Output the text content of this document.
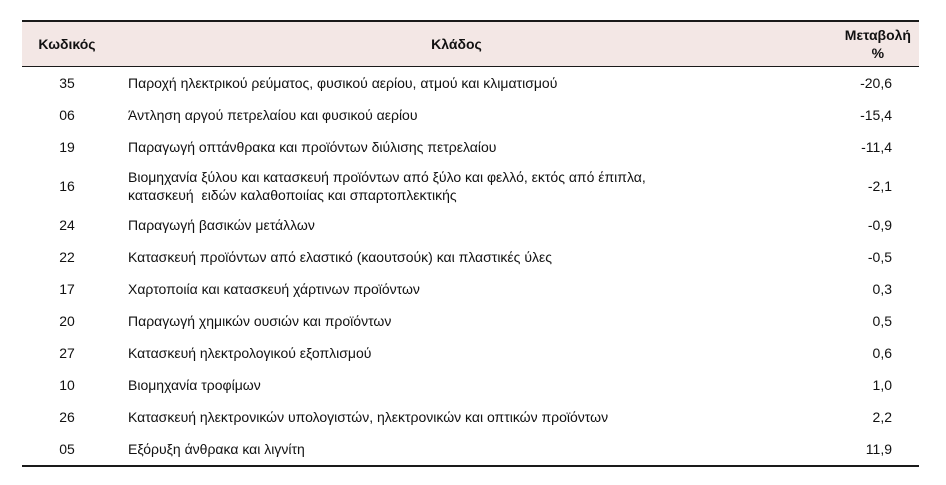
Κωδικός	Κλάδος	Μεταβολή
%
35	Παροχή ηλεκτρικού ρεύματος, φυσικού αερίου, ατμού και κλιματισμού	-20,6
06	Άντληση αργού πετρελαίου και φυσικού αερίου	-15,4
19	Παραγωγή οπτάνθρακα και προϊόντων διύλισης πετρελαίου	-11,4
16	Βιομηχανία ξύλου και κατασκευή προϊόντων από ξύλο και φελλό, εκτός από έπιπλα,
κατασκευή  ειδών καλαθοποιίας και σπαρτοπλεκτικής	-2,1
24	Παραγωγή βασικών μετάλλων	-0,9
22	Κατασκευή προϊόντων από ελαστικό (καουτσούκ) και πλαστικές ύλες	-0,5
17	Χαρτοποιία και κατασκευή χάρτινων προϊόντων	0,3
20	Παραγωγή χημικών ουσιών και προϊόντων	0,5
27	Κατασκευή ηλεκτρολογικού εξοπλισμού	0,6
10	Βιομηχανία τροφίμων	1,0
26	Κατασκευή ηλεκτρονικών υπολογιστών, ηλεκτρονικών και οπτικών προϊόντων	2,2
05	Εξόρυξη άνθρακα και λιγνίτη	11,9
